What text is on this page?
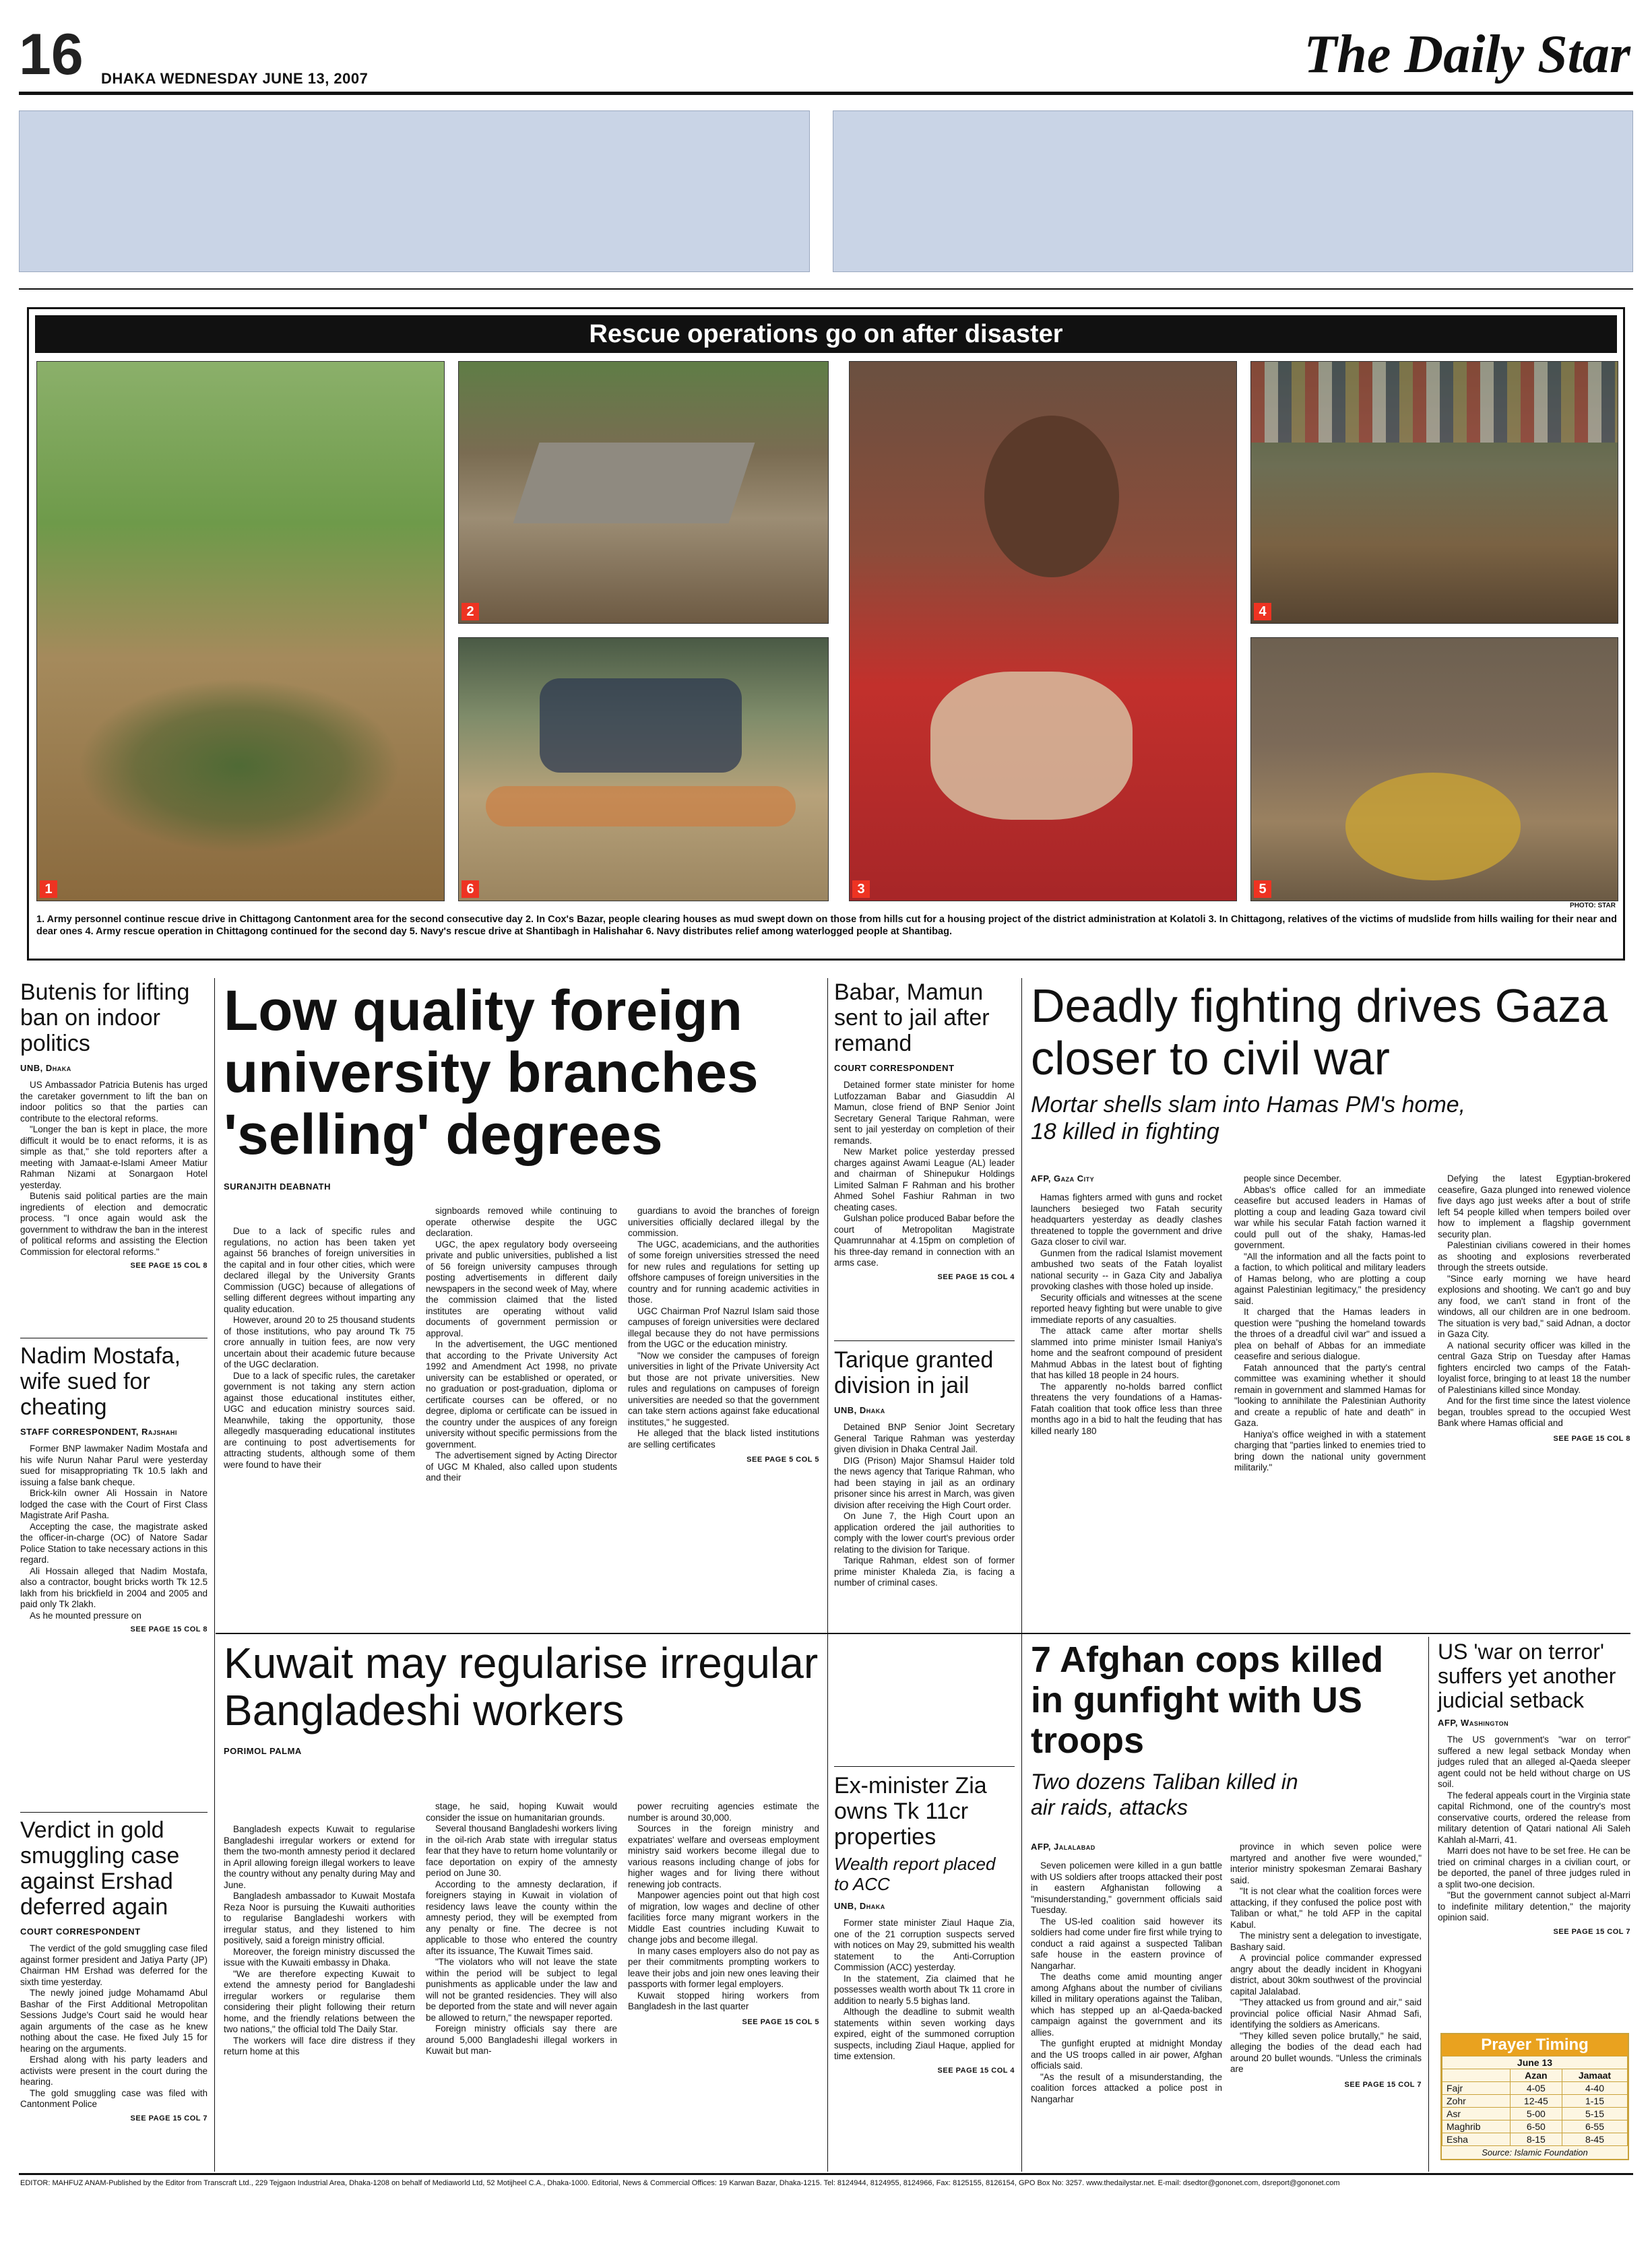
16 DHAKA WEDNESDAY JUNE 13, 2007	The Daily Star
Rescue operations go on after disaster
1
2
6	3
4
5
PHOTO: STAR
1. Army personnel continue rescue drive in Chittagong Cantonment area for the second consecutive day 2. In Cox's Bazar, people clearing houses as mud swept down on those from hills cut for a housing project of the district administration at Kolatoli 3. In Chittagong, relatives of the victims of mudslide from hills wailing for their near and dear ones 4. Army rescue operation in Chittagong continued for the second day 5. Navy's rescue drive at Shantibagh in Halishahar 6. Navy distributes relief among waterlogged people at Shantibag.
Butenis for lifting ban on indoor politics
UNB, Dhaka

US Ambassador Patricia Butenis has urged the caretaker government to lift the ban on indoor politics so that the parties can contribute to the electoral reforms.

"Longer the ban is kept in place, the more difficult it would be to enact reforms, it is as simple as that," she told reporters after a meeting with Jamaat-e-Islami Ameer Matiur Rahman Nizami at Sonargaon Hotel yesterday.

Butenis said political parties are the main ingredients of election and democratic process. "I once again would ask the government to withdraw the ban in the interest of political reforms and assisting the Election Commission for electoral reforms."

SEE PAGE 15 COL 8
Nadim Mostafa, wife sued for cheating
STAFF CORRESPONDENT, Rajshahi

Former BNP lawmaker Nadim Mostafa and his wife Nurun Nahar Parul were yesterday sued for misappropriating Tk 10.5 lakh and issuing a false bank cheque.

Brick-kiln owner Ali Hossain in Natore lodged the case with the Court of First Class Magistrate Arif Pasha.

Accepting the case, the magistrate asked the officer-in-charge (OC) of Natore Sadar Police Station to take necessary actions in this regard.

Ali Hossain alleged that Nadim Mostafa, also a contractor, bought bricks worth Tk 12.5 lakh from his brickfield in 2004 and 2005 and paid only Tk 2lakh.

As he mounted pressure on

SEE PAGE 15 COL 8
Verdict in gold smuggling case against Ershad deferred again
COURT CORRESPONDENT

The verdict of the gold smuggling case filed against former president and Jatiya Party (JP) Chairman HM Ershad was deferred for the sixth time yesterday.

The newly joined judge Mohamamd Abul Bashar of the First Additional Metropolitan Sessions Judge's Court said he would hear again arguments of the case as he knew nothing about the case. He fixed July 15 for hearing on the arguments.

Ershad along with his party leaders and activists were present in the court during the hearing.

The gold smuggling case was filed with Cantonment Police

SEE PAGE 15 COL 7
Low quality foreign university branches 'selling' degrees
SURANJITH DEABNATH

Due to a lack of specific rules and regulations, no action has been taken yet against 56 branches of foreign universities in the capital and in four other cities, which were declared illegal by the University Grants Commission (UGC) because of allegations of selling different degrees without imparting any quality education.

However, around 20 to 25 thousand students of those institutions, who pay around Tk 75 crore annually in tuition fees, are now very uncertain about their academic future because of the UGC declaration.

Due to a lack of specific rules, the caretaker government is not taking any stern action against those educational institutes either, UGC and education ministry sources said. Meanwhile, taking the opportunity, those allegedly masquerading educational institutes are continuing to post advertisements for attracting students, although some of them were found to have their

signboards removed while continuing to operate otherwise despite the UGC declaration.

UGC, the apex regulatory body overseeing private and public universities, published a list of 56 foreign university campuses through posting advertisements in different daily newspapers in the second week of May, where the commission claimed that the listed institutes are operating without valid documents of government permission or approval.

In the advertisement, the UGC mentioned that according to the Private University Act 1992 and Amendment Act 1998, no private university can be established or operated, or no graduation or post-graduation, diploma or certificate courses can be offered, or no degree, diploma or certificate can be issued in the country under the auspices of any foreign university without specific permissions from the government.

The advertisement signed by Acting Director of UGC M Khaled, also called upon students and their

guardians to avoid the branches of foreign universities officially declared illegal by the commission.

The UGC, academicians, and the authorities of some foreign universities stressed the need for new rules and regulations for setting up offshore campuses of foreign universities in the country and for running academic activities in those.

UGC Chairman Prof Nazrul Islam said those campuses of foreign universities were declared illegal because they do not have permissions from the UGC or the education ministry.

"Now we consider the campuses of foreign universities in light of the Private University Act but those are not private universities. New rules and regulations on campuses of foreign universities are needed so that the government can take stern actions against fake educational institutes," he suggested.

He alleged that the black listed institutions are selling certificates

SEE PAGE 5 COL 5
Kuwait may regularise irregular Bangladeshi workers
PORIMOL PALMA

Bangladesh expects Kuwait to regularise Bangladeshi irregular workers or extend for them the two-month amnesty period it declared in April allowing foreign illegal workers to leave the country without any penalty during May and June.

Bangladesh ambassador to Kuwait Mostafa Reza Noor is pursuing the Kuwaiti authorities to regularise Bangladeshi workers with irregular status, and they listened to him positively, said a foreign ministry official.

Moreover, the foreign ministry discussed the issue with the Kuwaiti embassy in Dhaka.

"We are therefore expecting Kuwait to extend the amnesty period for Bangladeshi irregular workers or regularise them considering their plight following their return home, and the friendly relations between the two nations," the official told The Daily Star.

The workers will face dire distress if they return home at this

stage, he said, hoping Kuwait would consider the issue on humanitarian grounds.

Several thousand Bangladeshi workers living in the oil-rich Arab state with irregular status fear that they have to return home voluntarily or face deportation on expiry of the amnesty period on June 30.

According to the amnesty declaration, if foreigners staying in Kuwait in violation of residency laws leave the county within the amnesty period, they will be exempted from any penalty or fine. The decree is not applicable to those who entered the country after its issuance, The Kuwait Times said.

"The violators who will not leave the state within the period will be subject to legal punishments as applicable under the law and will not be granted residencies. They will also be deported from the state and will never again be allowed to return," the newspaper reported.

Foreign ministry officials say there are around 5,000 Bangladeshi illegal workers in Kuwait but man-

power recruiting agencies estimate the number is around 30,000.

Sources in the foreign ministry and expatriates' welfare and overseas employment ministry said workers become illegal due to various reasons including change of jobs for higher wages and for living there without renewing job contracts.

Manpower agencies point out that high cost of migration, low wages and decline of other facilities force many migrant workers in the Middle East countries including Kuwait to change jobs and become illegal.

In many cases employers also do not pay as per their commitments prompting workers to leave their jobs and join new ones leaving their passports with former legal employers.

Kuwait stopped hiring workers from Bangladesh in the last quarter

SEE PAGE 15 COL 5
Babar, Mamun sent to jail after remand
COURT CORRESPONDENT

Detained former state minister for home Lutfozzaman Babar and Giasuddin Al Mamun, close friend of BNP Senior Joint Secretary General Tarique Rahman, were sent to jail yesterday on completion of their remands.

New Market police yesterday pressed charges against Awami League (AL) leader and chairman of Shinepukur Holdings Limited Salman F Rahman and his brother Ahmed Sohel Fashiur Rahman in two cheating cases.

Gulshan police produced Babar before the court of Metropolitan Magistrate Quamrunnahar at 4.15pm on completion of his three-day remand in connection with an arms case.

SEE PAGE 15 COL 4
Tarique granted division in jail
UNB, Dhaka

Detained BNP Senior Joint Secretary General Tarique Rahman was yesterday given division in Dhaka Central Jail.

DIG (Prison) Major Shamsul Haider told the news agency that Tarique Rahman, who had been staying in jail as an ordinary prisoner since his arrest in March, was given division after receiving the High Court order.

On June 7, the High Court upon an application ordered the jail authorities to comply with the lower court's previous order relating to the division for Tarique.

Tarique Rahman, eldest son of former prime minister Khaleda Zia, is facing a number of criminal cases.

Ex-minister Zia owns Tk 11cr properties
Wealth report placed to ACC
UNB, Dhaka

Former state minister Ziaul Haque Zia, one of the 21 corruption suspects served with notices on May 29, submitted his wealth statement to the Anti-Corruption Commission (ACC) yesterday.

In the statement, Zia claimed that he possesses wealth worth about Tk 11 crore in addition to nearly 5.5 bighas land.

Although the deadline to submit wealth statements within seven working days expired, eight of the summoned corruption suspects, including Ziaul Haque, applied for time extension.

SEE PAGE 15 COL 4
Deadly fighting drives Gaza closer to civil war
Mortar shells slam into Hamas PM's home, 18 killed in fighting
AFP, Gaza City

Hamas fighters armed with guns and rocket launchers besieged two Fatah security headquarters yesterday as deadly clashes threatened to topple the government and drive Gaza closer to civil war.

Gunmen from the radical Islamist movement ambushed two seats of the Fatah loyalist national security -- in Gaza City and Jabaliya provoking clashes with those holed up inside.

Security officials and witnesses at the scene reported heavy fighting but were unable to give immediate reports of any casualties.

The attack came after mortar shells slammed into prime minister Ismail Haniya's home and the seafront compound of president Mahmud Abbas in the latest bout of fighting that has killed 18 people in 24 hours.

The apparently no-holds barred conflict threatens the very foundations of a Hamas-Fatah coalition that took office less than three months ago in a bid to halt the feuding that has killed nearly 180

people since December.

Abbas's office called for an immediate ceasefire but accused leaders in Hamas of plotting a coup and leading Gaza toward civil war while his secular Fatah faction warned it could pull out of the shaky, Hamas-led government.

"All the information and all the facts point to a faction, to which political and military leaders of Hamas belong, who are plotting a coup against Palestinian legitimacy," the presidency said.

It charged that the Hamas leaders in question were "pushing the homeland towards the throes of a dreadful civil war" and issued a plea on behalf of Abbas for an immediate ceasefire and serious dialogue.

Fatah announced that the party's central committee was examining whether it should remain in government and slammed Hamas for "looking to annihilate the Palestinian Authority and create a republic of hate and death" in Gaza.

Haniya's office weighed in with a statement charging that "parties linked to enemies tried to bring down the national unity government militarily."

Defying the latest Egyptian-brokered ceasefire, Gaza plunged into renewed violence five days ago just weeks after a bout of strife left 54 people killed when tempers boiled over how to implement a flagship government security plan.

Palestinian civilians cowered in their homes as shooting and explosions reverberated through the streets outside.

"Since early morning we have heard explosions and shooting. We can't go and buy any food, we can't stand in front of the windows, all our children are in one bedroom. The situation is very bad," said Adnan, a doctor in Gaza City.

A national security officer was killed in the central Gaza Strip on Tuesday after Hamas fighters encircled two camps of the Fatah-loyalist force, bringing to at least 18 the number of Palestinians killed since Monday.

And for the first time since the latest violence began, troubles spread to the occupied West Bank where Hamas official and

SEE PAGE 15 COL 8
7 Afghan cops killed in gunfight with US troops
Two dozens Taliban killed in air raids, attacks
AFP, Jalalabad

Seven policemen were killed in a gun battle with US soldiers after troops attacked their post in eastern Afghanistan following a "misunderstanding," government officials said Tuesday.

The US-led coalition said however its soldiers had come under fire first while trying to conduct a raid against a suspected Taliban safe house in the eastern province of Nangarhar.

The deaths come amid mounting anger among Afghans about the number of civilians killed in military operations against the Taliban, which has stepped up an al-Qaeda-backed campaign against the government and its allies.

The gunfight erupted at midnight Monday and the US troops called in air power, Afghan officials said.

"As the result of a misunderstanding, the coalition forces attacked a police post in Nangarhar

province in which seven police were martyred and another five were wounded," interior ministry spokesman Zemarai Bashary said.

"It is not clear what the coalition forces were attacking, if they confused the police post with Taliban or what," he told AFP in the capital Kabul.

The ministry sent a delegation to investigate, Bashary said.

A provincial police commander expressed angry about the deadly incident in Khogyani district, about 30km southwest of the provincial capital Jalalabad.

"They attacked us from ground and air," said provincial police official Nasir Ahmad Safi, identifying the soldiers as Americans.

"They killed seven police brutally," he said, alleging the bodies of the dead each had around 20 bullet wounds. "Unless the criminals are

SEE PAGE 15 COL 7
US 'war on terror' suffers yet another judicial setback
AFP, Washington

The US government's "war on terror" suffered a new legal setback Monday when judges ruled that an alleged al-Qaeda sleeper agent could not be held without charge on US soil.

The federal appeals court in the Virginia state capital Richmond, one of the country's most conservative courts, ordered the release from military detention of Qatari national Ali Saleh Kahlah al-Marri, 41.

Marri does not have to be set free. He can be tried on criminal charges in a civilian court, or be deported, the panel of three judges ruled in a split two-one decision.

"But the government cannot subject al-Marri to indefinite military detention," the majority opinion said.

SEE PAGE 15 COL 7
Prayer Timing
June 13		
	Azan	Jamaat
Fajr	4-05	4-40
Zohr	12-45	1-15
Asr	5-00	5-15
Maghrib	6-50	6-55
Esha	8-15	8-45
Source: Islamic Foundation
EDITOR: MAHFUZ ANAM-Published by the Editor from Transcraft Ltd., 229 Tejgaon Industrial Area, Dhaka-1208 on behalf of Mediaworld Ltd, 52 Motijheel C.A., Dhaka-1000. Editorial, News & Commercial Offices: 19 Karwan Bazar, Dhaka-1215. Tel: 8124944, 8124955, 8124966, Fax: 8125155, 8126154, GPO Box No: 3257. www.thedailystar.net. E-mail: dsedtor@gononet.com, dsreport@gononet.com
